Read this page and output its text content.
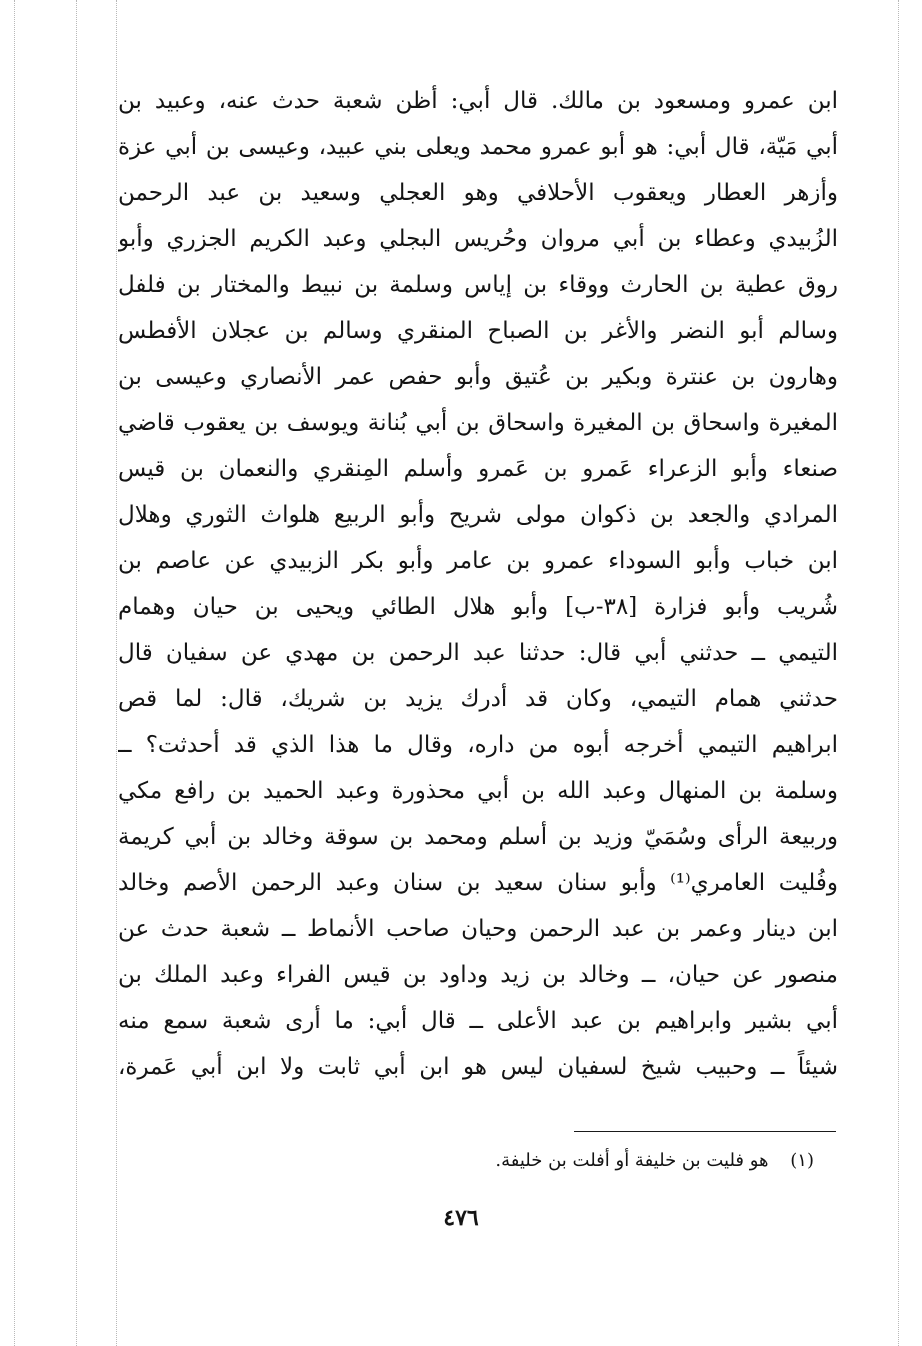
ابن عمرو ومسعود بن مالك. قال أبي: أظن شعبة حدث عنه، وعبيد بن
أبي مَيّة، قال أبي: هو أبو عمرو محمد ويعلى بني عبيد، وعيسى بن أبي عزة
وأزهر العطار ويعقوب الأحلافي وهو العجلي وسعيد بن عبد الرحمن
الزُبيدي وعطاء بن أبي مروان وحُريس البجلي وعبد الكريم الجزري وأبو
روق عطية بن الحارث ووقاء بن إياس وسلمة بن نبيط والمختار بن فلفل
وسالم أبو النضر والأغر بن الصباح المنقري وسالم بن عجلان الأفطس
وهارون بن عنترة وبكير بن عُتيق وأبو حفص عمر الأنصاري وعيسى بن
المغيرة واسحاق بن المغيرة واسحاق بن أبي بُنانة ويوسف بن يعقوب قاضي
صنعاء وأبو الزعراء عَمرو بن عَمرو وأسلم المِنقري والنعمان بن قيس
المرادي والجعد بن ذكوان مولى شريح وأبو الربيع هلواث الثوري وهلال
ابن خباب وأبو السوداء عمرو بن عامر وأبو بكر الزبيدي عن عاصم بن
شُريب وأبو فزارة [٣٨-ب] وأبو هلال الطائي ويحيى بن حيان وهمام
التيمي ــ حدثني أبي قال: حدثنا عبد الرحمن بن مهدي عن سفيان قال
حدثني همام التيمي، وكان قد أدرك يزيد بن شريك، قال: لما قص
ابراهيم التيمي أخرجه أبوه من داره، وقال ما هذا الذي قد أحدثت؟ ــ
وسلمة بن المنهال وعبد الله بن أبي محذورة وعبد الحميد بن رافع مكي
وربيعة الرأى وسُمَيّ وزيد بن أسلم ومحمد بن سوقة وخالد بن أبي كريمة
وفُليت العامري⁽¹⁾ وأبو سنان سعيد بن سنان وعبد الرحمن الأصم وخالد
ابن دينار وعمر بن عبد الرحمن وحيان صاحب الأنماط ــ شعبة حدث عن
منصور عن حيان، ــ وخالد بن زيد وداود بن قيس الفراء وعبد الملك بن
أبي بشير وابراهيم بن عبد الأعلى ــ قال أبي: ما أرى شعبة سمع منه
شيئاً ــ وحبيب شيخ لسفيان ليس هو ابن أبي ثابت ولا ابن أبي عَمرة،
(١) هو فليت بن خليفة أو أفلت بن خليفة.
٤٧٦
